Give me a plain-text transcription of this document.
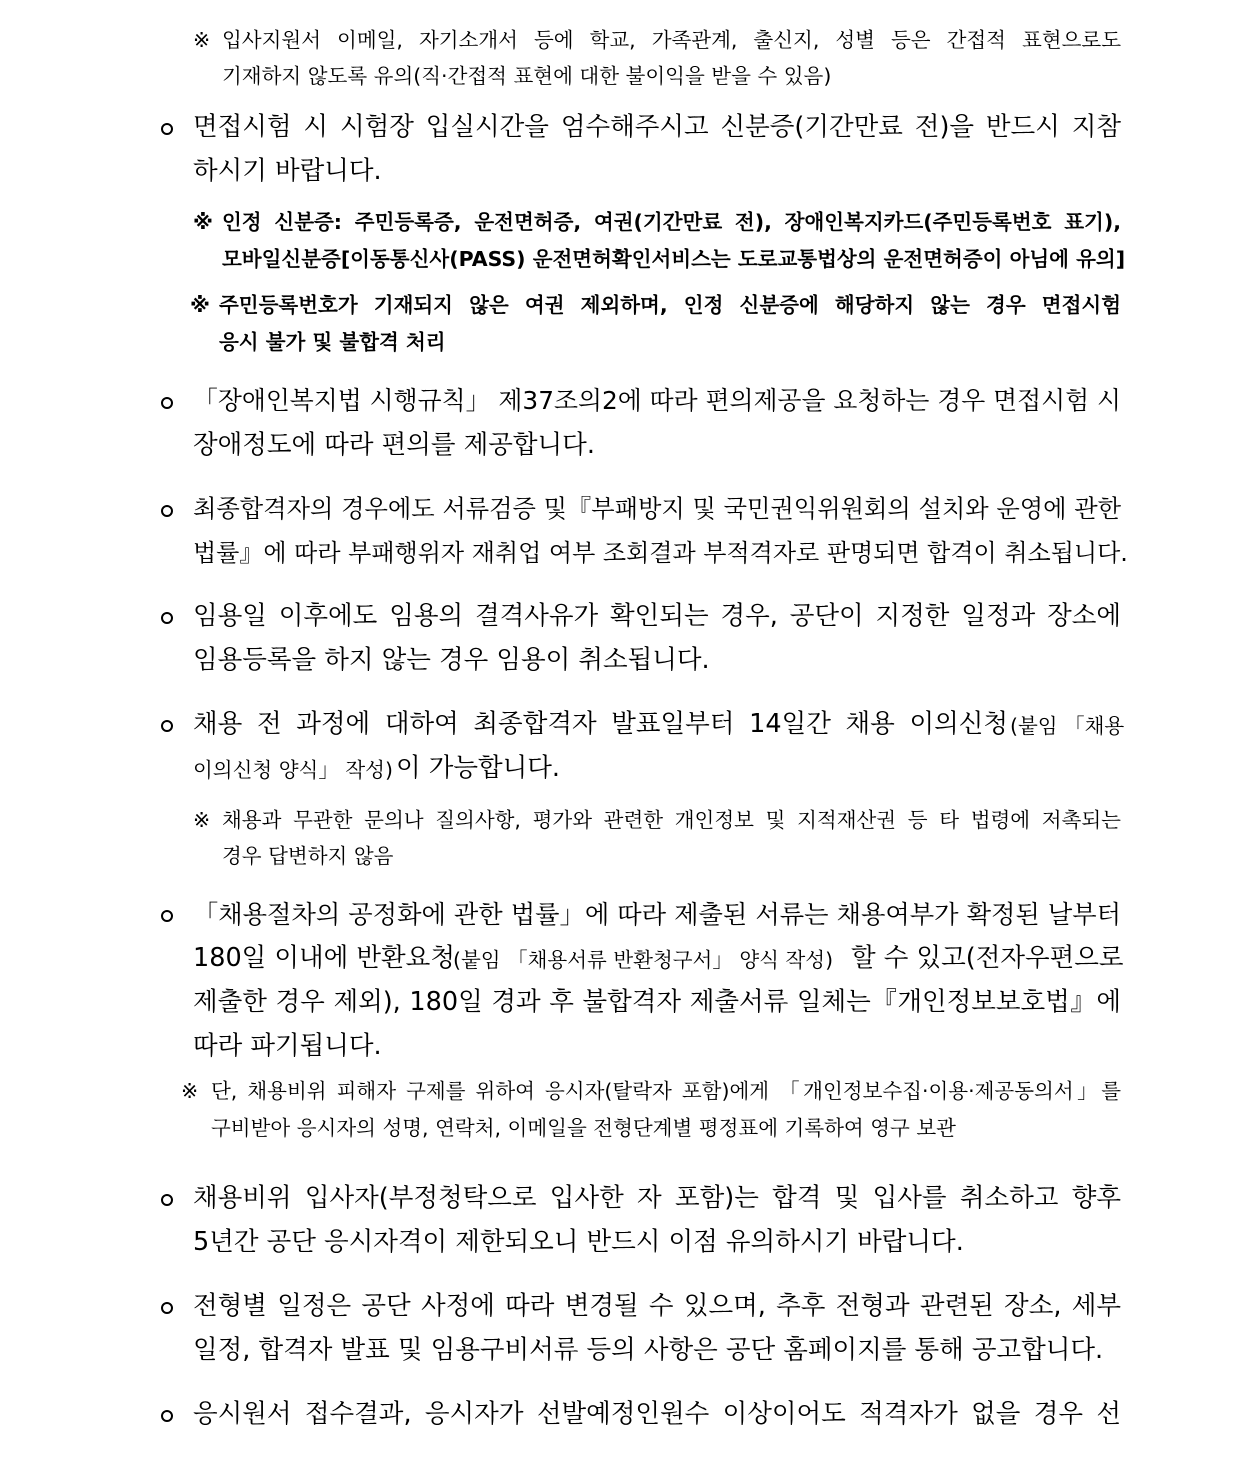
※ 입사지원서 이메일, 자기소개서 등에 학교, 가족관계, 출신지, 성별 등은 간접적 표현으로도
기재하지 않도록 유의(직‧간접적 표현에 대한 불이익을 받을 수 있음)
면접시험 시 시험장 입실시간을 엄수해주시고 신분증(기간만료 전)을 반드시 지참
하시기 바랍니다.
※ 인정 신분증: 주민등록증, 운전면허증, 여권(기간만료 전), 장애인복지카드(주민등록번호 표기),
모바일신분증[이동통신사(PASS) 운전면허확인서비스는 도로교통법상의 운전면허증이 아님에 유의]
※ 주민등록번호가 기재되지 않은 여권 제외하며, 인정 신분증에 해당하지 않는 경우 면접시험
응시 불가 및 불합격 처리
「장애인복지법 시행규칙」 제37조의2에 따라 편의제공을 요청하는 경우 면접시험 시
장애정도에 따라 편의를 제공합니다.
최종합격자의 경우에도 서류검증 및『부패방지 및 국민권익위원회의 설치와 운영에 관한
법률』에 따라 부패행위자 재취업 여부 조회결과 부적격자로 판명되면 합격이 취소됩니다.
임용일 이후에도 임용의 결격사유가 확인되는 경우, 공단이 지정한 일정과 장소에
임용등록을 하지 않는 경우 임용이 취소됩니다.
채용 전 과정에 대하여 최종합격자 발표일부터 14일간 채용 이의신청 (붙임 「채용
이의신청 양식」 작성) 이 가능합니다.
※ 채용과 무관한 문의나 질의사항, 평가와 관련한 개인정보 및 지적재산권 등 타 법령에 저촉되는
경우 답변하지 않음
「채용절차의 공정화에 관한 법률」에 따라 제출된 서류는 채용여부가 확정된 날부터
180일 이내에 반환요청
(붙임 「채용서류 반환청구서」 양식 작성) 할 수 있고(전자우편으로
제출한 경우 제외), 180일 경과 후 불합격자 제출서류 일체는『개인정보보호법』에
따라 파기됩니다.
※ 단, 채용비위 피해자 구제를 위하여 응시자(탈락자 포함)에게 「개인정보수집·이용·제공동의서」를
구비받아 응시자의 성명, 연락처, 이메일을 전형단계별 평정표에 기록하여 영구 보관
채용비위 입사자(부정청탁으로 입사한 자 포함)는 합격 및 입사를 취소하고 향후
5년간 공단 응시자격이 제한되오니 반드시 이점 유의하시기 바랍니다.
전형별 일정은 공단 사정에 따라 변경될 수 있으며, 추후 전형과 관련된 장소, 세부
일정, 합격자 발표 및 임용구비서류 등의 사항은 공단 홈페이지를 통해 공고합니다.
응시원서 접수결과, 응시자가 선발예정인원수 이상이어도 적격자가 없을 경우 선
